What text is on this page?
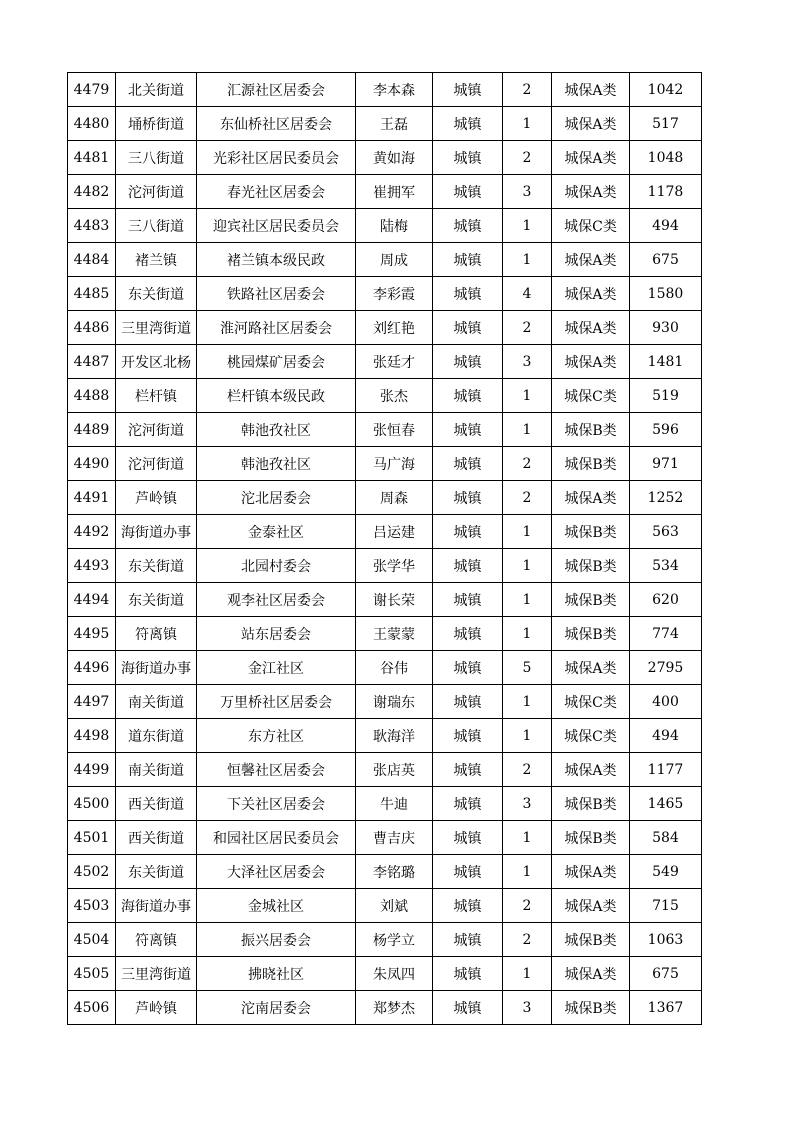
4479	北关街道	汇源社区居委会	李本森	城镇	2	城保A类	1042
4480	埇桥街道	东仙桥社区居委会	王磊	城镇	1	城保A类	517
4481	三八街道	光彩社区居民委员会	黄如海	城镇	2	城保A类	1048
4482	沱河街道	春光社区居委会	崔拥军	城镇	3	城保A类	1178
4483	三八街道	迎宾社区居民委员会	陆梅	城镇	1	城保C类	494
4484	褚兰镇	褚兰镇本级民政	周成	城镇	1	城保A类	675
4485	东关街道	铁路社区居委会	李彩霞	城镇	4	城保A类	1580
4486	三里湾街道	淮河路社区居委会	刘红艳	城镇	2	城保A类	930
4487	开发区北杨	桃园煤矿居委会	张廷才	城镇	3	城保A类	1481
4488	栏杆镇	栏杆镇本级民政	张杰	城镇	1	城保C类	519
4489	沱河街道	韩池孜社区	张恒春	城镇	1	城保B类	596
4490	沱河街道	韩池孜社区	马广海	城镇	2	城保B类	971
4491	芦岭镇	沱北居委会	周森	城镇	2	城保A类	1252
4492	海街道办事	金泰社区	吕运建	城镇	1	城保B类	563
4493	东关街道	北园村委会	张学华	城镇	1	城保B类	534
4494	东关街道	观李社区居委会	谢长荣	城镇	1	城保B类	620
4495	符离镇	站东居委会	王蒙蒙	城镇	1	城保B类	774
4496	海街道办事	金江社区	谷伟	城镇	5	城保A类	2795
4497	南关街道	万里桥社区居委会	谢瑞东	城镇	1	城保C类	400
4498	道东街道	东方社区	耿海洋	城镇	1	城保C类	494
4499	南关街道	恒馨社区居委会	张店英	城镇	2	城保A类	1177
4500	西关街道	下关社区居委会	牛迪	城镇	3	城保B类	1465
4501	西关街道	和园社区居民委员会	曹吉庆	城镇	1	城保B类	584
4502	东关街道	大泽社区居委会	李铭璐	城镇	1	城保A类	549
4503	海街道办事	金城社区	刘斌	城镇	2	城保A类	715
4504	符离镇	振兴居委会	杨学立	城镇	2	城保B类	1063
4505	三里湾街道	拂晓社区	朱凤四	城镇	1	城保A类	675
4506	芦岭镇	沱南居委会	郑梦杰	城镇	3	城保B类	1367
